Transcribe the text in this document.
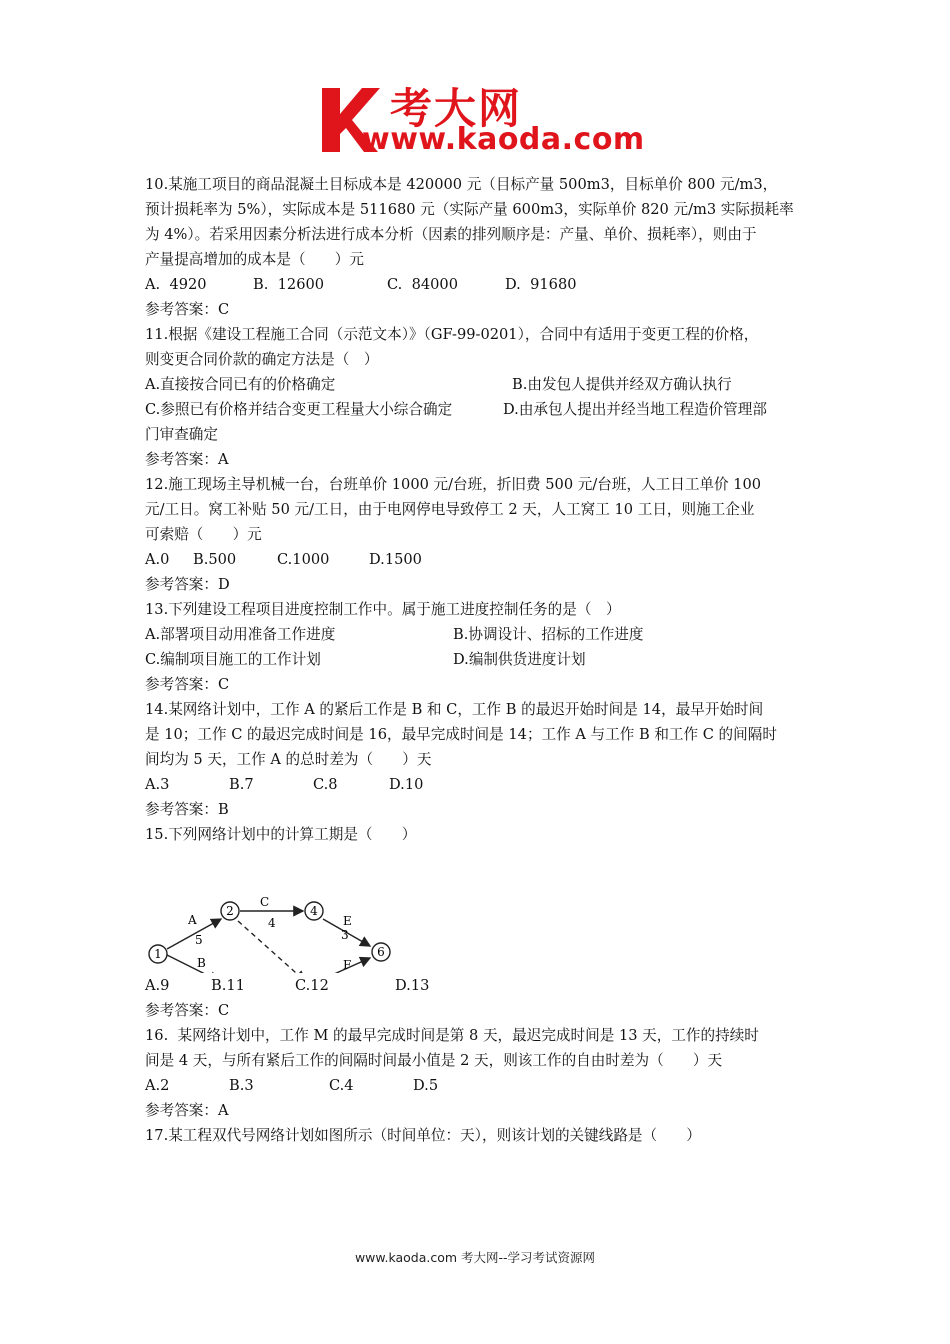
考大网
www.kaoda.com
10.某施工项目的商品混凝土目标成本是 420000 元（目标产量 500m3，目标单价 800 元/m3，
预计损耗率为 5%），实际成本是 511680 元（实际产量 600m3，实际单价 820 元/m3 实际损耗率
为 4%）。若采用因素分析法进行成本分析（因素的排列顺序是：产量、单价、损耗率），则由于
产量提高增加的成本是（　　）元
A.  4920	B.  12600	C.  84000	D.  91680
参考答案：C
11.根据《建设工程施工合同（示范文本）》（GF-99-0201），合同中有适用于变更工程的价格，
则变更合同价款的确定方法是（　）
A.直接按合同已有的价格确定	B.由发包人提供并经双方确认执行
C.参照已有价格并结合变更工程量大小综合确定	D.由承包人提出并经当地工程造价管理部
门审查确定
参考答案：A
12.施工现场主导机械一台，台班单价 1000 元/台班，折旧费 500 元/台班，人工日工单价 100
元/工日。窝工补贴 50 元/工日，由于电网停电导致停工 2 天，人工窝工 10 工日，则施工企业
可索赔（　　）元
A.0	B.500	C.1000	D.1500
参考答案：D
13.下列建设工程项目进度控制工作中。属于施工进度控制任务的是（　）
A.部署项目动用准备工作进度	B.协调设计、招标的工作进度
C.编制项目施工的工作计划	D.编制供货进度计划
参考答案：C
14.某网络计划中，工作 A 的紧后工作是 B 和 C，工作 B 的最迟开始时间是 14，最早开始时间
是 10；工作 C 的最迟完成时间是 16，最早完成时间是 14；工作 A 与工作 B 和工作 C 的间隔时
间均为 5 天，工作 A 的总时差为（　　）天
A.3	B.7	C.8	D.10
参考答案：B
15.下列网络计划中的计算工期是（　　）
1
2	4
6
A
5
B
C
4	E
3
F
A.9	B.11	C.12	D.13
参考答案：C
16.  某网络计划中，工作 M 的最早完成时间是第 8 天，最迟完成时间是 13 天，工作的持续时
间是 4 天，与所有紧后工作的间隔时间最小值是 2 天，则该工作的自由时差为（　　）天
A.2	B.3	C.4	D.5
参考答案：A
17.某工程双代号网络计划如图所示（时间单位：天），则该计划的关键线路是（　　）
www.kaoda.com 考大网--学习考试资源网
